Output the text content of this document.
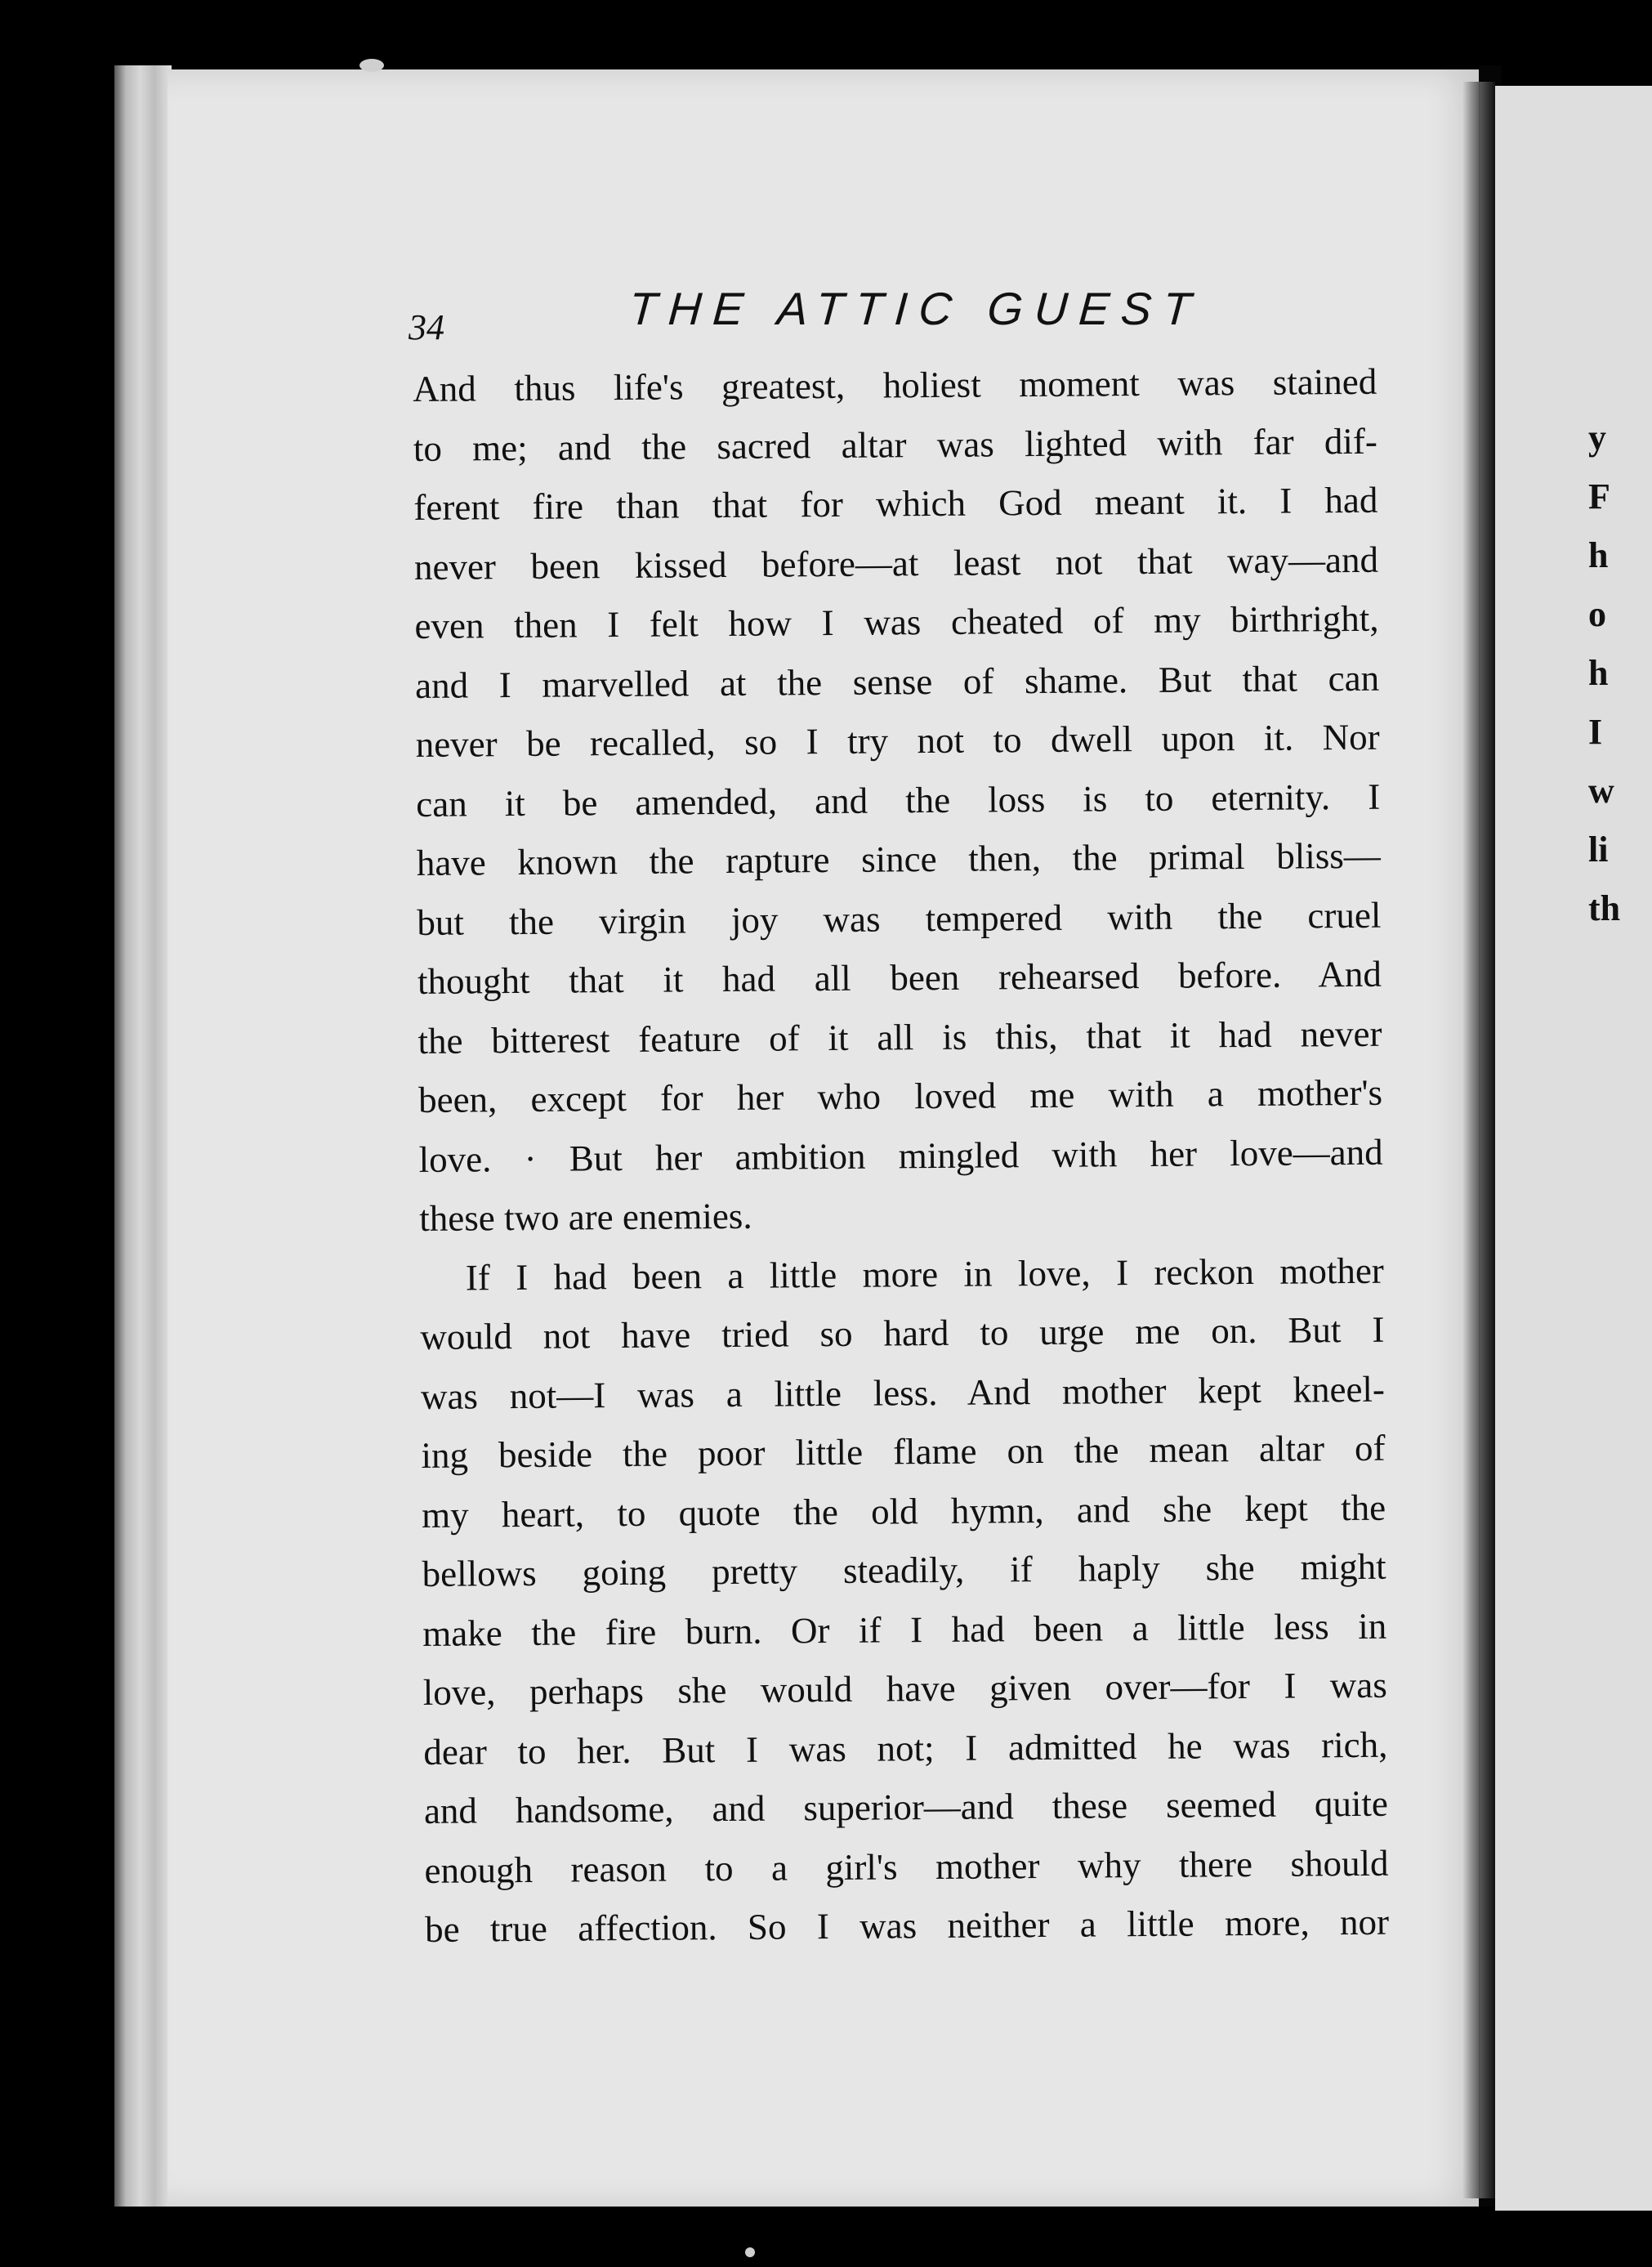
34	THE ATTIC GUEST
And thus life's greatest, holiest moment was stained
to me; and the sacred altar was lighted with far dif-
ferent fire than that for which God meant it. I had
never been kissed before—at least not that way—and
even then I felt how I was cheated of my birthright,
and I marvelled at the sense of shame. But that can
never be recalled, so I try not to dwell upon it. Nor
can it be amended, and the loss is to eternity. I
have known the rapture since then, the primal bliss—
but the virgin joy was tempered with the cruel
thought that it had all been rehearsed before. And
the bitterest feature of it all is this, that it had never
been, except for her who loved me with a mother's
love. · But her ambition mingled with her love—and
these two are enemies.
If I had been a little more in love, I reckon mother
would not have tried so hard to urge me on. But I
was not—I was a little less. And mother kept kneel-
ing beside the poor little flame on the mean altar of
my heart, to quote the old hymn, and she kept the
bellows going pretty steadily, if haply she might
make the fire burn. Or if I had been a little less in
love, perhaps she would have given over—for I was
dear to her. But I was not; I admitted he was rich,
and handsome, and superior—and these seemed quite
enough reason to a girl's mother why there should
be true affection. So I was neither a little more, nor
y
F
h
o
h
I
w
li
th
